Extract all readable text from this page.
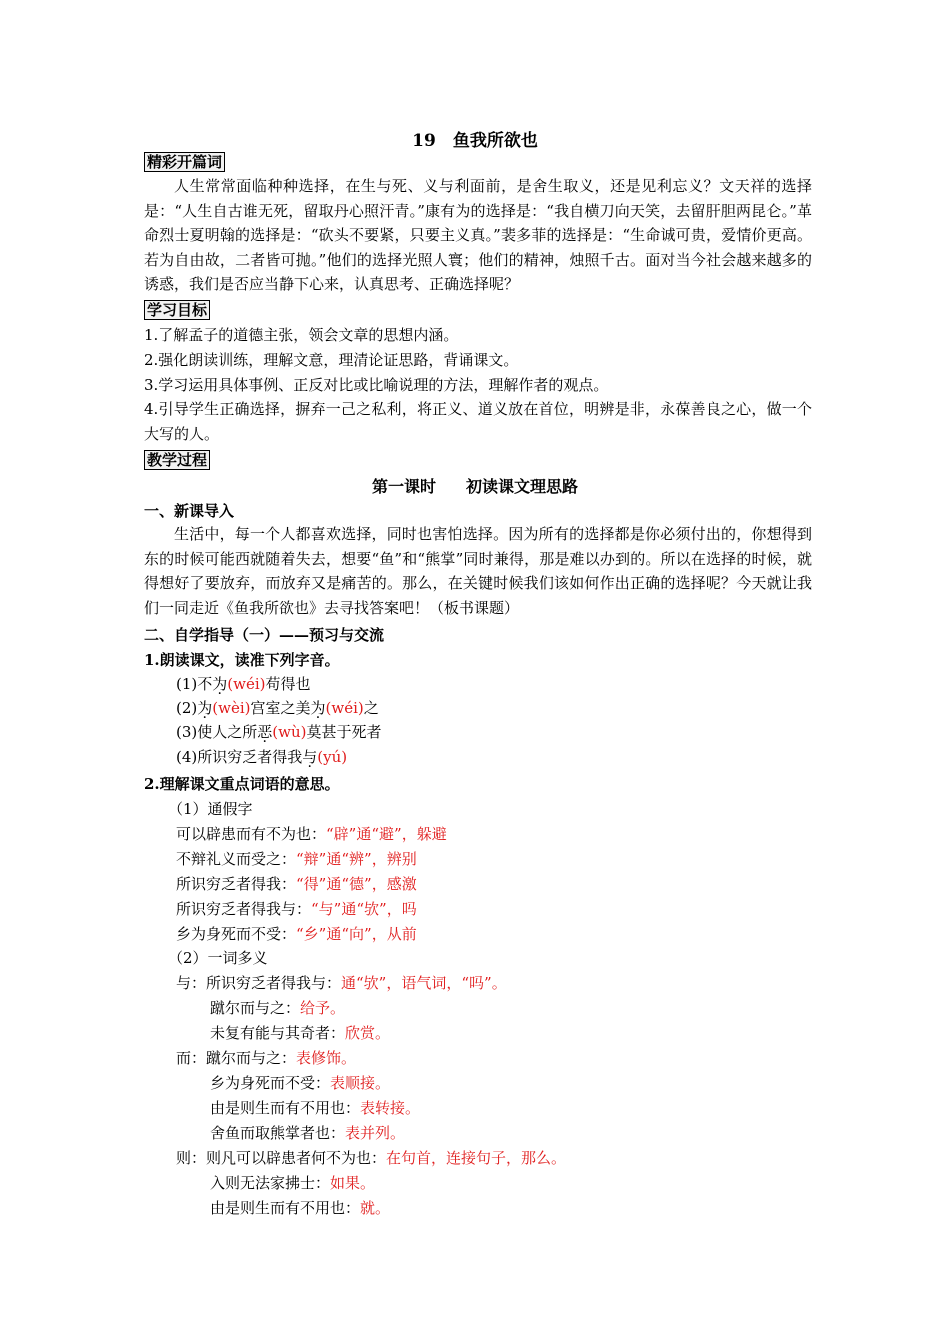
19　鱼我所欲也
精彩开篇词
人生常常面临种种选择，在生与死、义与利面前，是舍生取义，还是见利忘义？文天祥的选择是：“人生自古谁无死，留取丹心照汗青。”康有为的选择是：“我自横刀向天笑，去留肝胆两昆仑。”革命烈士夏明翰的选择是：“砍头不要紧，只要主义真。”裴多菲的选择是：“生命诚可贵，爱情价更高。若为自由故，二者皆可抛。”他们的选择光照人寰；他们的精神，烛照千古。面对当今社会越来越多的诱惑，我们是否应当静下心来，认真思考、正确选择呢？
学习目标
1.了解孟子的道德主张，领会文章的思想内涵。
2.强化朗读训练，理解文意，理清论证思路，背诵课文。
3.学习运用具体事例、正反对比或比喻说理的方法，理解作者的观点。
4.引导学生正确选择，摒弃一己之私利，将正义、道义放在首位，明辨是非，永葆善良之心，做一个大写的人。
教学过程
第一课时 初读课文理思路
一、新课导入
生活中，每一个人都喜欢选择，同时也害怕选择。因为所有的选择都是你必须付出的，你想得到东的时候可能西就随着失去，想要“鱼”和“熊掌”同时兼得，那是难以办到的。所以在选择的时候，就得想好了要放弃，而放弃又是痛苦的。那么，在关键时候我们该如何作出正确的选择呢？今天就让我们一同走近《鱼我所欲也》去寻找答案吧！（板书课题）
二、自学指导（一）——预习与交流
1.朗读课文，读准下列字音。
(1)不为(wéi)苟得也
(2)为(wèi)宫室之美为(wéi)之
(3)使人之所恶(wù)莫甚于死者
(4)所识穷乏者得我与(yú)
2.理解课文重点词语的意思。
（1）通假字
可以辟患而有不为也：“辟”通“避”，躲避
不辩礼义而受之：“辩”通“辨”，辨别
所识穷乏者得我：“得”通“德”，感激
所识穷乏者得我与：“与”通“欤”，吗
乡为身死而不受：“乡”通“向”，从前
（2）一词多义
与：所识穷乏者得我与：通“欤”，语气词，“吗”。
蹴尔而与之：给予。
未复有能与其奇者：欣赏。
而：蹴尔而与之：表修饰。
乡为身死而不受：表顺接。
由是则生而有不用也：表转接。
舍鱼而取熊掌者也：表并列。
则：则凡可以辟患者何不为也：在句首，连接句子，那么。
入则无法家拂士：如果。
由是则生而有不用也：就。
